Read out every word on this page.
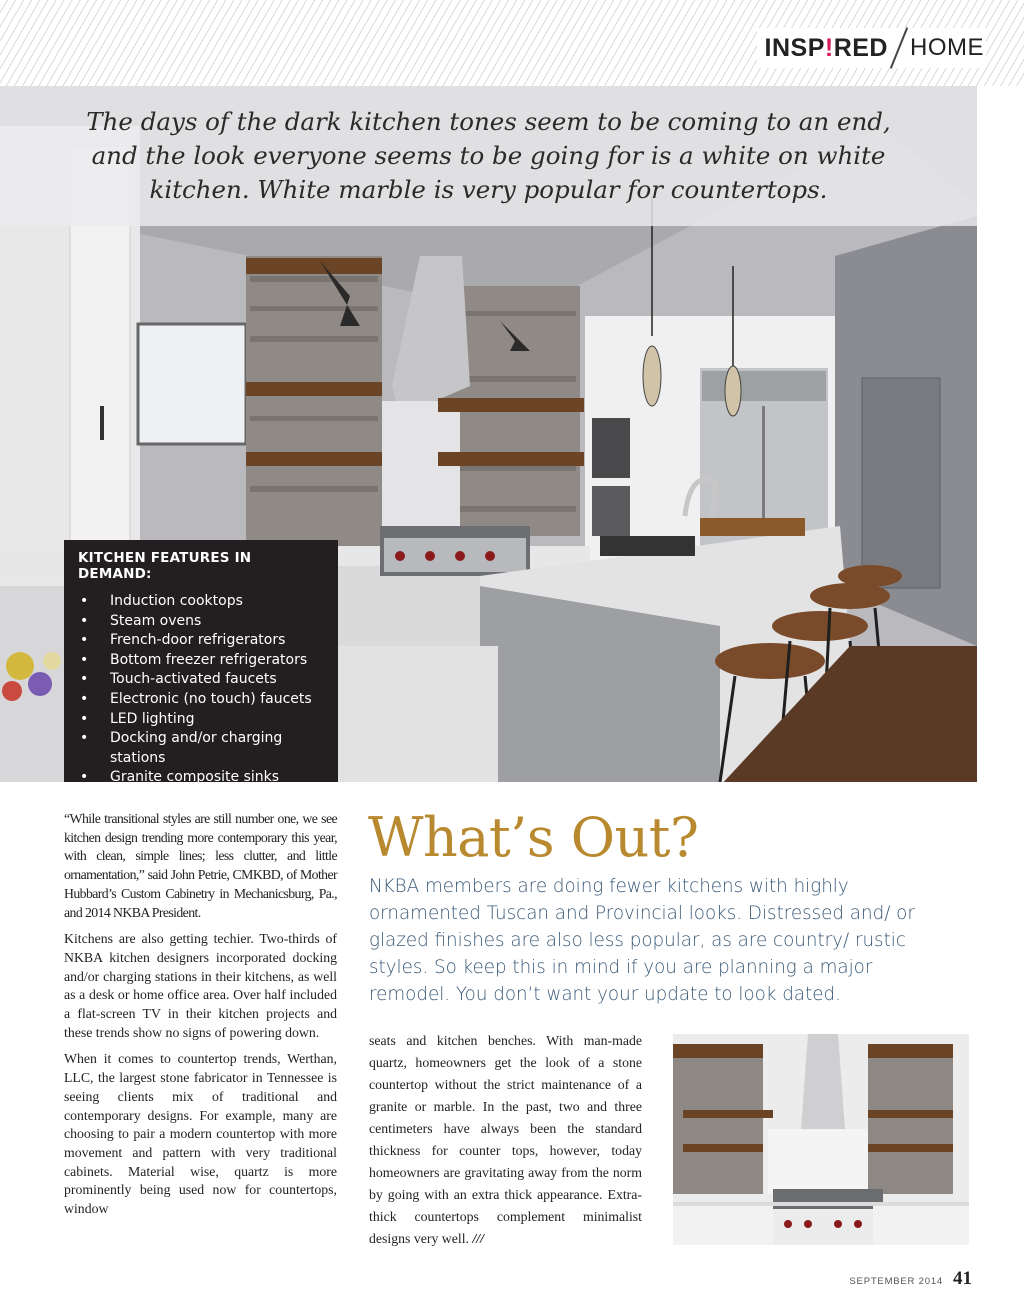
INSP!RED HOME

The days of the dark kitchen tones seem to be coming to an end, and the look everyone seems to be going for is a white on white kitchen. White marble is very popular for countertops.

KITCHEN FEATURES IN DEMAND:
•	Induction cooktops
•	Steam ovens
•	French-door refrigerators
•	Bottom freezer refrigerators
•	Touch-activated faucets
•	Electronic (no touch) faucets
•	LED lighting
•	Docking and/or charging stations
•	Granite composite sinks

“While transitional styles are still number one, we see kitchen design trending more contemporary this year, with clean, simple lines; less clutter, and little ornamentation,” said John Petrie, CMKBD, of Mother Hubbard’s Custom Cabinetry in Mechanicsburg, Pa., and 2014 NKBA President.

Kitchens are also getting techier. Two-thirds of NKBA kitchen designers incorporated docking and/or charging stations in their kitchens, as well as a desk or home office area. Over half included a flat-screen TV in their kitchen projects and these trends show no signs of powering down.

When it comes to countertop trends, Werthan, LLC, the largest stone fabricator in Tennessee is seeing clients mix of traditional and contemporary designs. For example, many are choosing to pair a modern countertop with more movement and pattern with very traditional cabinets. Material wise, quartz is more prominently being used now for countertops, window

What’s Out?
NKBA members are doing fewer kitchens with highly ornamented Tuscan and Provincial looks. Distressed and/ or glazed finishes are also less popular, as are country/ rustic styles. So keep this in mind if you are planning a major remodel. You don’t want your update to look dated.
seats and kitchen benches. With man-made quartz, homeowners get the look of a stone countertop without the strict maintenance of a granite or marble. In the past, two and three centimeters have always been the standard thickness for counter tops, however, today homeowners are gravitating away from the norm by going with an extra thick appearance. Extra-thick countertops complement minimalist designs very well. ///
SEPTEMBER 2014 41
